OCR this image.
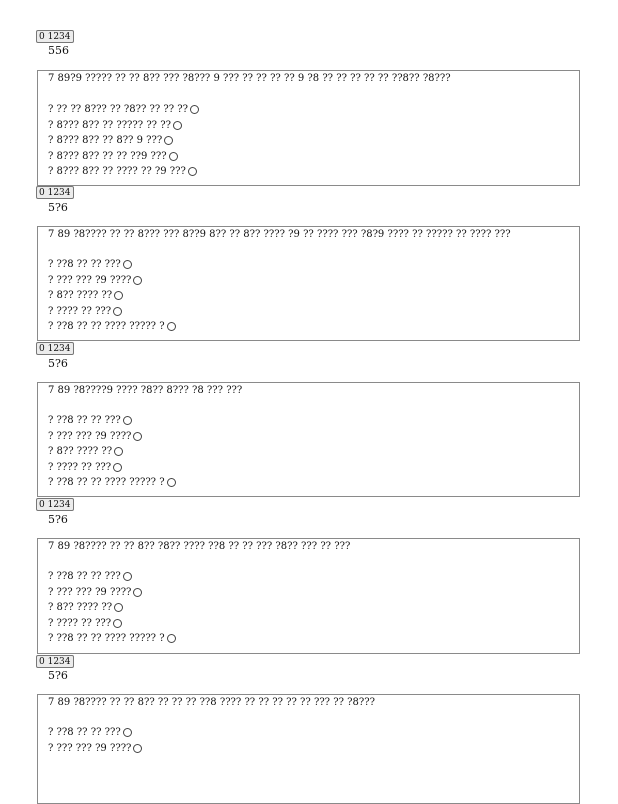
0 1234
556
7 89?9 ????? ?? ?? 8?? ??? ?8??? 9 ??? ?? ?? ?? ?? 9 ?8 ?? ?? ?? ?? ?? ??8?? ?8???
? ?? ?? 8??? ?? ?8?? ?? ?? ??
? 8??? 8?? ?? ????? ?? ??
? 8??? 8?? ?? 8?? 9 ???
? 8??? 8?? ?? ?? ??9 ???
? 8??? 8?? ?? ???? ?? ?9 ???
0 1234
5?6
7 89 ?8???? ?? ?? 8??? ??? 8??9 8?? ?? 8?? ???? ?9 ?? ???? ??? ?8?9 ???? ?? ????? ?? ???? ???
? ??8 ?? ?? ???
? ??? ??? ?9 ????
? 8?? ???? ??
? ???? ?? ???
? ??8 ?? ?? ???? ????? ?
0 1234
5?6
7 89 ?8????9 ???? ?8?? 8??? ?8 ??? ???
? ??8 ?? ?? ???
? ??? ??? ?9 ????
? 8?? ???? ??
? ???? ?? ???
? ??8 ?? ?? ???? ????? ?
0 1234
5?6
7 89 ?8???? ?? ?? 8?? ?8?? ???? ??8 ?? ?? ??? ?8?? ??? ?? ???
? ??8 ?? ?? ???
? ??? ??? ?9 ????
? 8?? ???? ??
? ???? ?? ???
? ??8 ?? ?? ???? ????? ?
0 1234
5?6
7 89 ?8???? ?? ?? 8?? ?? ?? ?? ??8 ???? ?? ?? ?? ?? ?? ??? ?? ?8???
? ??8 ?? ?? ???
? ??? ??? ?9 ????
